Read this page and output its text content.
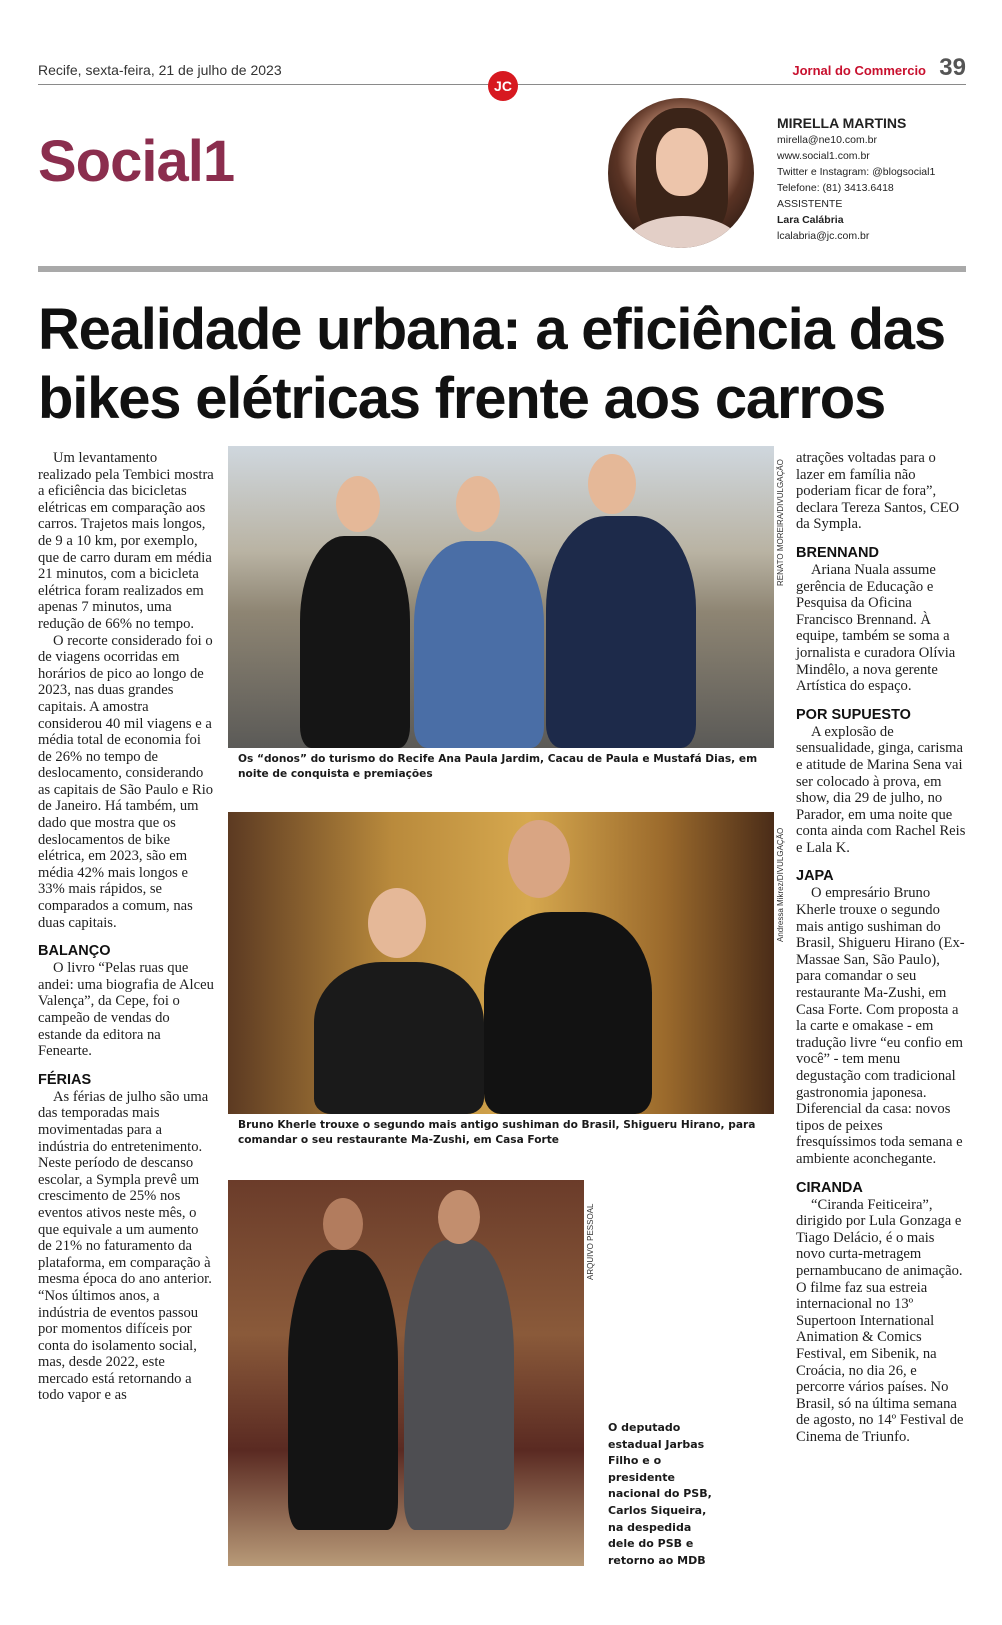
Recife, sexta-feira, 21 de julho de 2023
JC
Jornal do Commercio 39
Social1
MIRELLA MARTINS
mirella@ne10.com.br
www.social1.com.br
Twitter e Instagram: @blogsocial1
Telefone: (81) 3413.6418
ASSISTENTE
Lara Calábria
lcalabria@jc.com.br
Realidade urbana: a eficiência das bikes elétricas frente aos carros

Um levantamento realizado pela Tembici mostra a eficiência das bicicletas elétricas em comparação aos carros. Trajetos mais longos, de 9 a 10 km, por exemplo, que de carro duram em média 21 minutos, com a bicicleta elétrica foram realizados em apenas 7 minutos, uma redução de 66% no tempo.

O recorte considerado foi o de viagens ocorridas em horários de pico ao longo de 2023, nas duas grandes capitais. A amostra considerou 40 mil viagens e a média total de economia foi de 26% no tempo de deslocamento, considerando as capitais de São Paulo e Rio de Janeiro. Há também, um dado que mostra que os deslocamentos de bike elétrica, em 2023, são em média 42% mais longos e 33% mais rápidos, se comparados a comum, nas duas capitais.

BALANÇO

O livro “Pelas ruas que andei: uma biografia de Alceu Valença”, da Cepe, foi o campeão de vendas do estande da editora na Fenearte.

FÉRIAS

As férias de julho são uma das temporadas mais movimentadas para a indústria do entretenimento. Neste período de descanso escolar, a Sympla prevê um crescimento de 25% nos eventos ativos neste mês, o que equivale a um aumento de 21% no faturamento da plataforma, em comparação à mesma época do ano anterior. “Nos últimos anos, a indústria de eventos passou por momentos difíceis por conta do isolamento social, mas, desde 2022, este mercado está retornando a todo vapor e as

RENATO MOREIRA/DIVULGAÇÃO
Os “donos” do turismo do Recife Ana Paula Jardim, Cacau de Paula e Mustafá Dias, em noite de conquista e premiações
Andressa Mikrez/DIVULGAÇÃO
Bruno Kherle trouxe o segundo mais antigo sushiman do Brasil, Shigueru Hirano, para comandar o seu restaurante Ma-Zushi, em Casa Forte
ARQUIVO PESSOAL
O deputado estadual Jarbas Filho e o presidente nacional do PSB, Carlos Siqueira, na despedida dele do PSB e retorno ao MDB

atrações voltadas para o lazer em família não poderiam ficar de fora”, declara Tereza Santos, CEO da Sympla.

BRENNAND

Ariana Nuala assume gerência de Educação e Pesquisa da Oficina Francisco Brennand. À equipe, também se soma a jornalista e curadora Olívia Mindêlo, a nova gerente Artística do espaço.

POR SUPUESTO

A explosão de sensualidade, ginga, carisma e atitude de Marina Sena vai ser colocado à prova, em show, dia 29 de julho, no Parador, em uma noite que conta ainda com Rachel Reis e Lala K.

JAPA

O empresário Bruno Kherle trouxe o segundo mais antigo sushiman do Brasil, Shigueru Hirano (Ex-Massae San, São Paulo), para comandar o seu restaurante Ma-Zushi, em Casa Forte. Com proposta a la carte e omakase - em tradução livre “eu confio em você” - tem menu degustação com tradicional gastronomia japonesa. Diferencial da casa: novos tipos de peixes fresquíssimos toda semana e ambiente aconchegante.

CIRANDA

“Ciranda Feiticeira”, dirigido por Lula Gonzaga e Tiago Delácio, é o mais novo curta-metragem pernambucano de animação. O filme faz sua estreia internacional no 13º Supertoon International Animation & Comics Festival, em Sibenik, na Croácia, no dia 26, e percorre vários países. No Brasil, só na última semana de agosto, no 14º Festival de Cinema de Triunfo.
